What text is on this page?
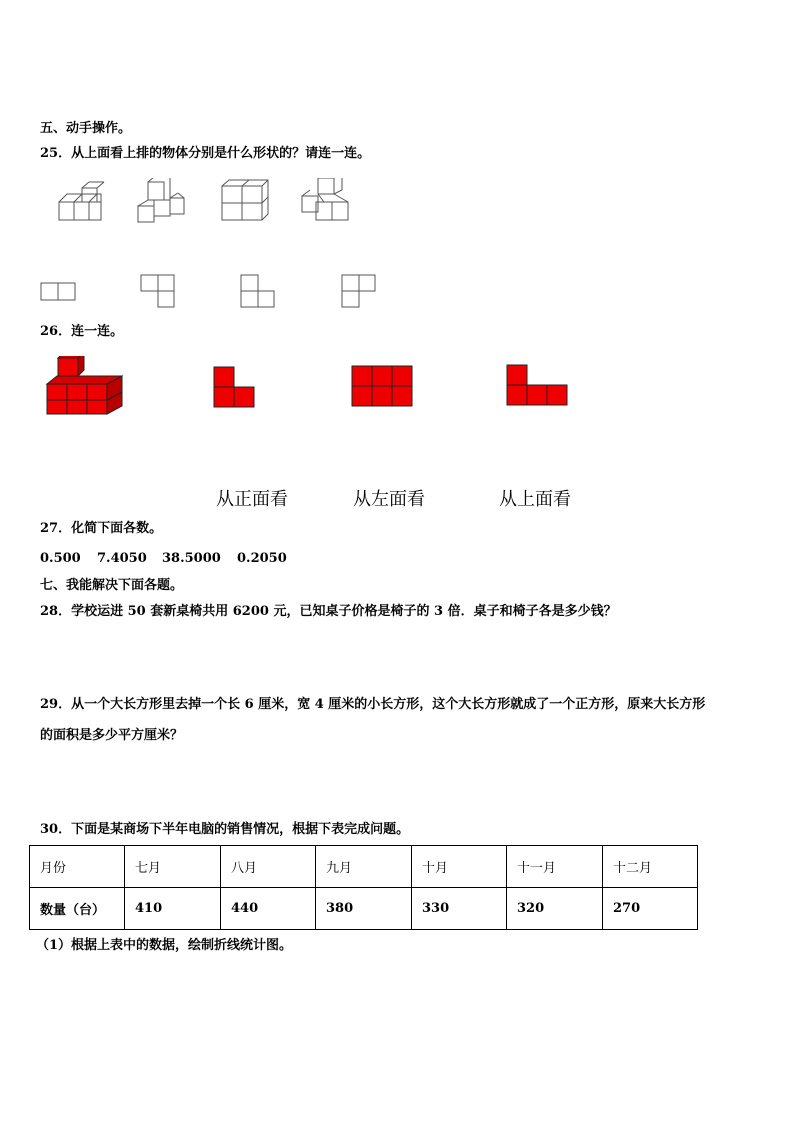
五、动手操作。
25．从上面看上排的物体分别是什么形状的？请连一连。
26．连一连。
从正面看	从左面看	从上面看
27．化简下面各数。
0.500 7.4050 38.5000 0.2050
七、我能解决下面各题。
28．学校运进 50 套新桌椅共用 6200 元，已知桌子价格是椅子的 3 倍．桌子和椅子各是多少钱？
29．从一个大长方形里去掉一个长 6 厘米，宽 4 厘米的小长方形，这个大长方形就成了一个正方形，原来大长方形
的面积是多少平方厘米？
30．下面是某商场下半年电脑的销售情况，根据下表完成问题。
月份	七月	八月	九月	十月	十一月	十二月
数量（台）	410	440	380	330	320	270
（1）根据上表中的数据，绘制折线统计图。
